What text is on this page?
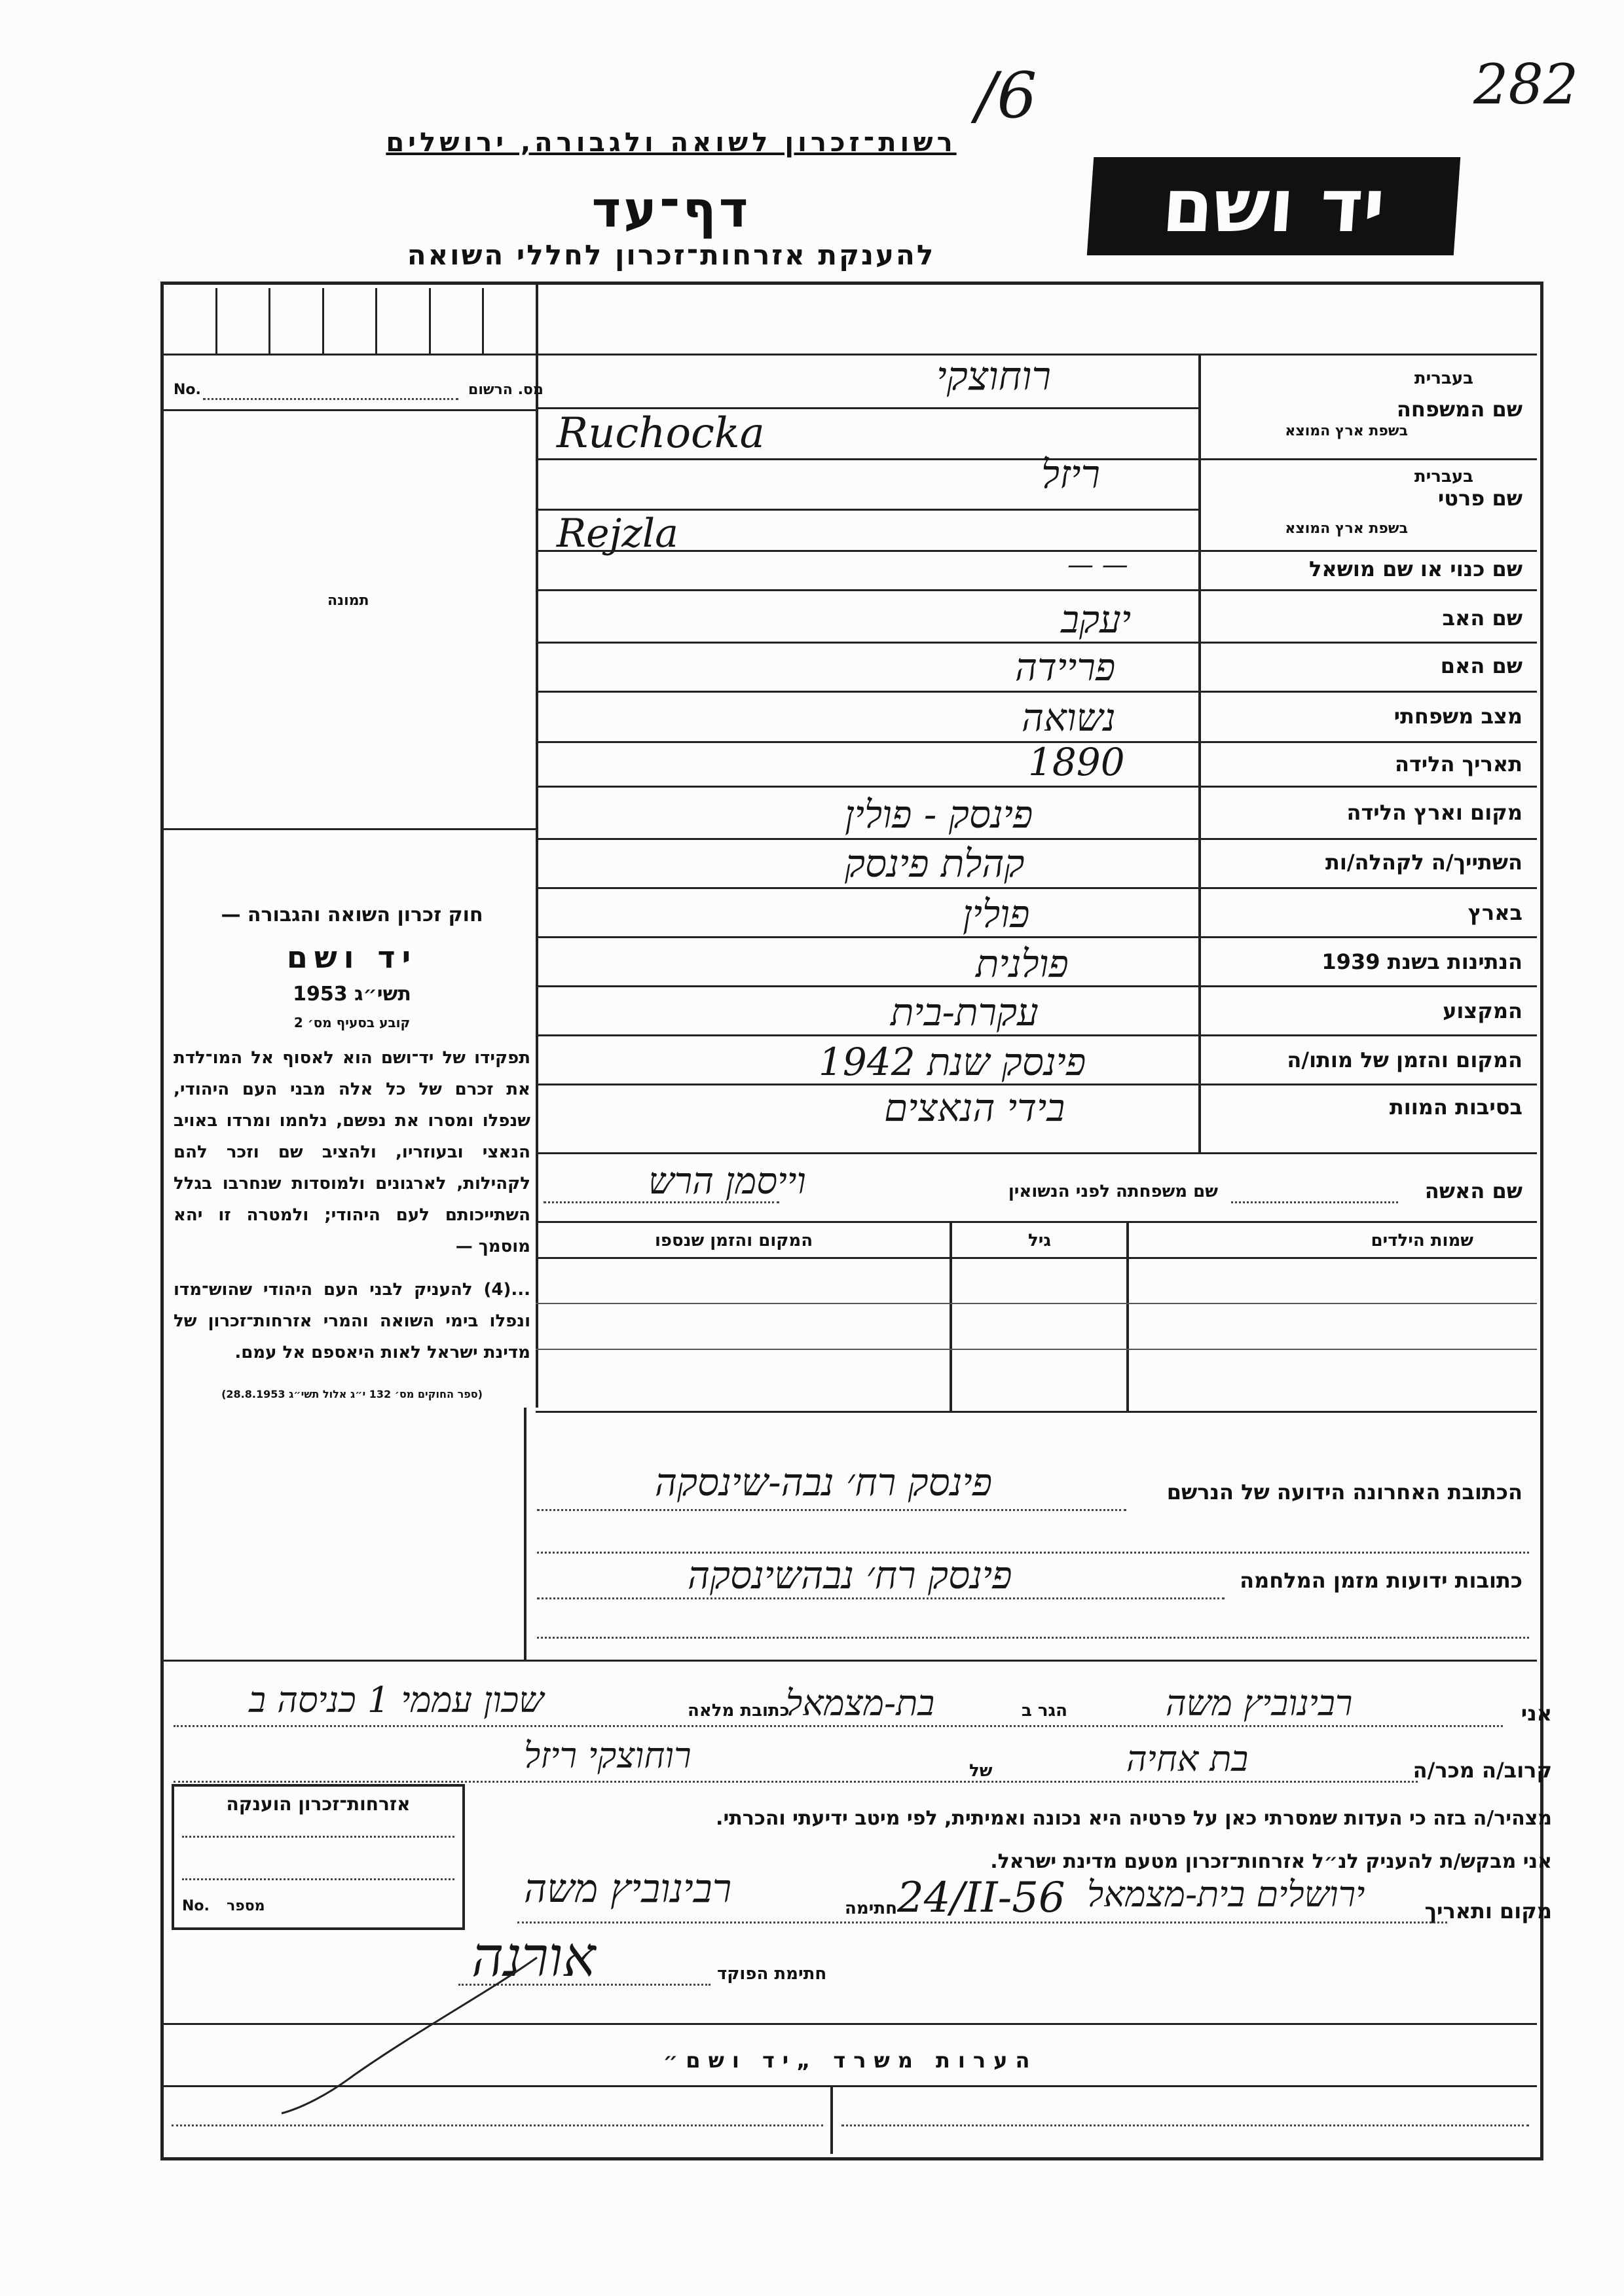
/6	282
רשות־זכרון לשואה ולגבורה, ירושלים
דף־עד
להענקת אזרחות־זכרון לחללי השואה
יד ושם
מס. הרשום
No.
תמונה
חוק זכרון השואה והגבורה —
יד ושם
תשי״ג 1953
קובע בסעיף מס׳ 2
תפקידו של יד־ושם הוא לאסוף אל המו־לדת את זכרם של כל אלה מבני העם היהודי, שנפלו ומסרו את נפשם, נלחמו ומרדו באויב הנאצי ובעוזריו, ולהציב שם וזכר להם לקהילות, לארגונים ולמוסדות שנחרבו בגלל השתייכותם לעם היהודי; ולמטרה זו יהא מוסמך —
...(4) להעניק לבני העם היהודי שהוש־מדו ונפלו בימי השואה והמרי אזרחות־זכרון של מדינת ישראל לאות היאספם אל עמם.
(ספר החוקים מס׳ 132 י״ג אלול תשי״ג 28.8.1953)
שם המשפחה
בעברית
בשפת ארץ המוצא
רוחוצקי
Ruchocka
שם פרטי
בעברית
בשפת ארץ המוצא
ריזל
Rejzla
שם כנוי או שם מושאל
— —
שם האב
יעקב
שם האם
פריידה
מצב משפחתי
נשואה
תאריך הלידה
1890
מקום וארץ הלידה
פינסק - פולין
השתייך/ה לקהלה/ות
קהלת פינסק
בארץ
פולין
הנתינות בשנת 1939
פולנית
המקצוע
עקרת-בית
המקום והזמן של מותו/ה
פינסק שנת 1942
בסיבות המוות
בידי הנאצים
שם האשה
שם משפחתה לפני הנשואין
וייסמן הרש
שמות הילדים
גיל
המקום והזמן שנספו
הכתובת האחרונה הידועה של הנרשם
פינסק רח׳ נבה-שינסקה
כתובות ידועות מזמן המלחמה
פינסק רח׳ נבהשינסקה
אני
רבינוביץ משה
הגר ב
בת-מצמאל
כתובת מלאה
שכון עממי 1 כניסה ב
קרוב/ה מכר/ה
בת אחיה
של
רוחוצקי ריזל
מצהיר/ה בזה כי העדות שמסרתי כאן על פרטיה היא נכונה ואמיתית, לפי מיטב ידיעתי והכרתי.
אני מבקש/ת להעניק לנ״ל אזרחות־זכרון מטעם מדינת ישראל.
מקום ותאריך
ירושלים בית-מצמאל
24/II-56
חתימה
רבינוביץ משה
חתימת הפוקד
אורנה
אזרחות־זכרון הוענקה
No. מספר
הערות משרד „יד ושם״
